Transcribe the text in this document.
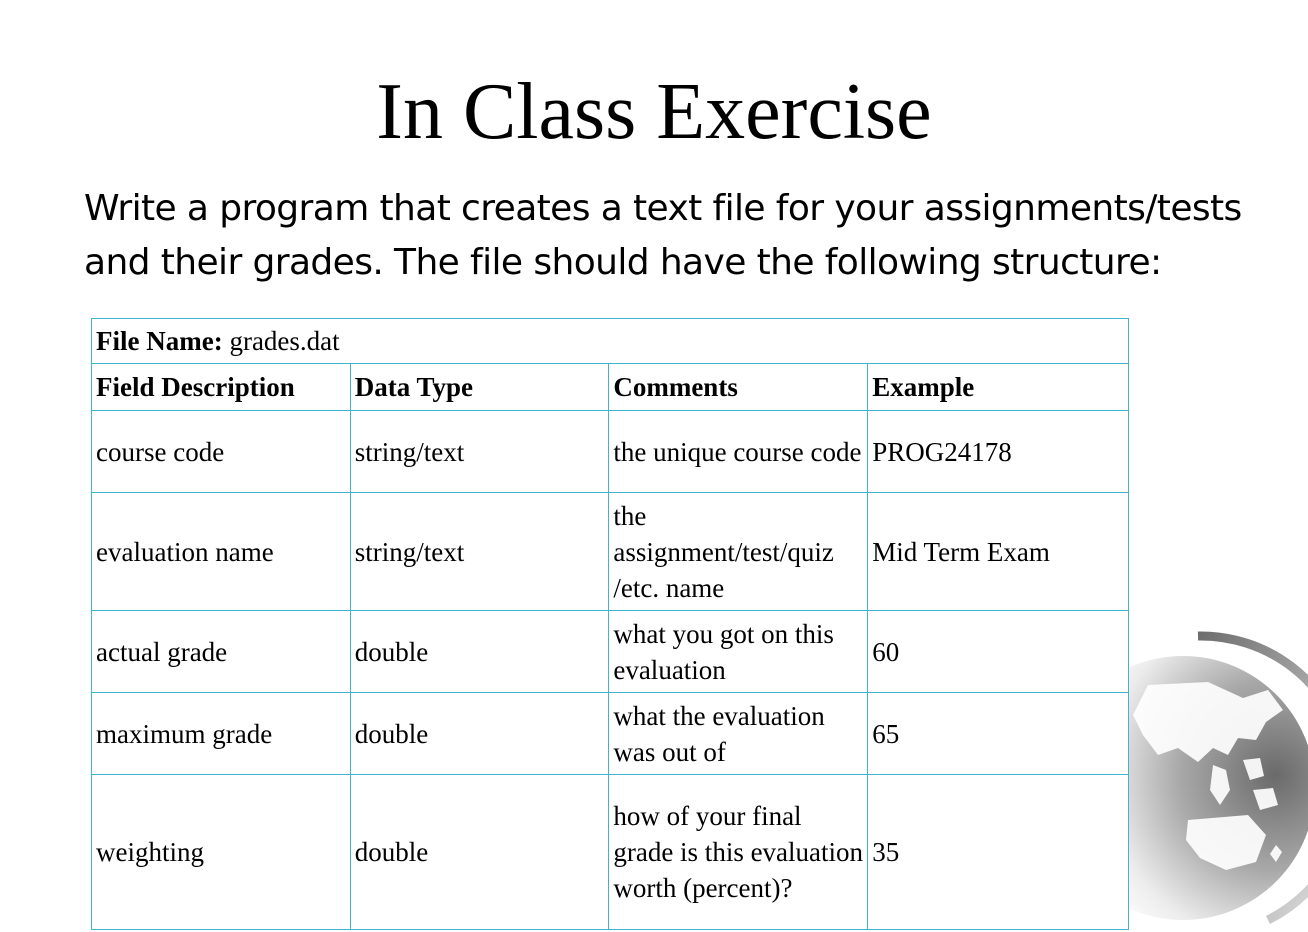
In Class Exercise

Write a program that creates a text file for your assignments/tests and their grades. The file should have the following structure:

File Name: grades.dat			
Field Description	Data Type	Comments	Example
course code	string/text	the unique course code	PROG24178
evaluation name	string/text	the assignment/test/quiz /etc. name	Mid Term Exam
actual grade	double	what you got on this evaluation	60
maximum grade	double	what the evaluation was out of	65
weighting	double	how of your final grade is this evaluation worth (percent)?	35
